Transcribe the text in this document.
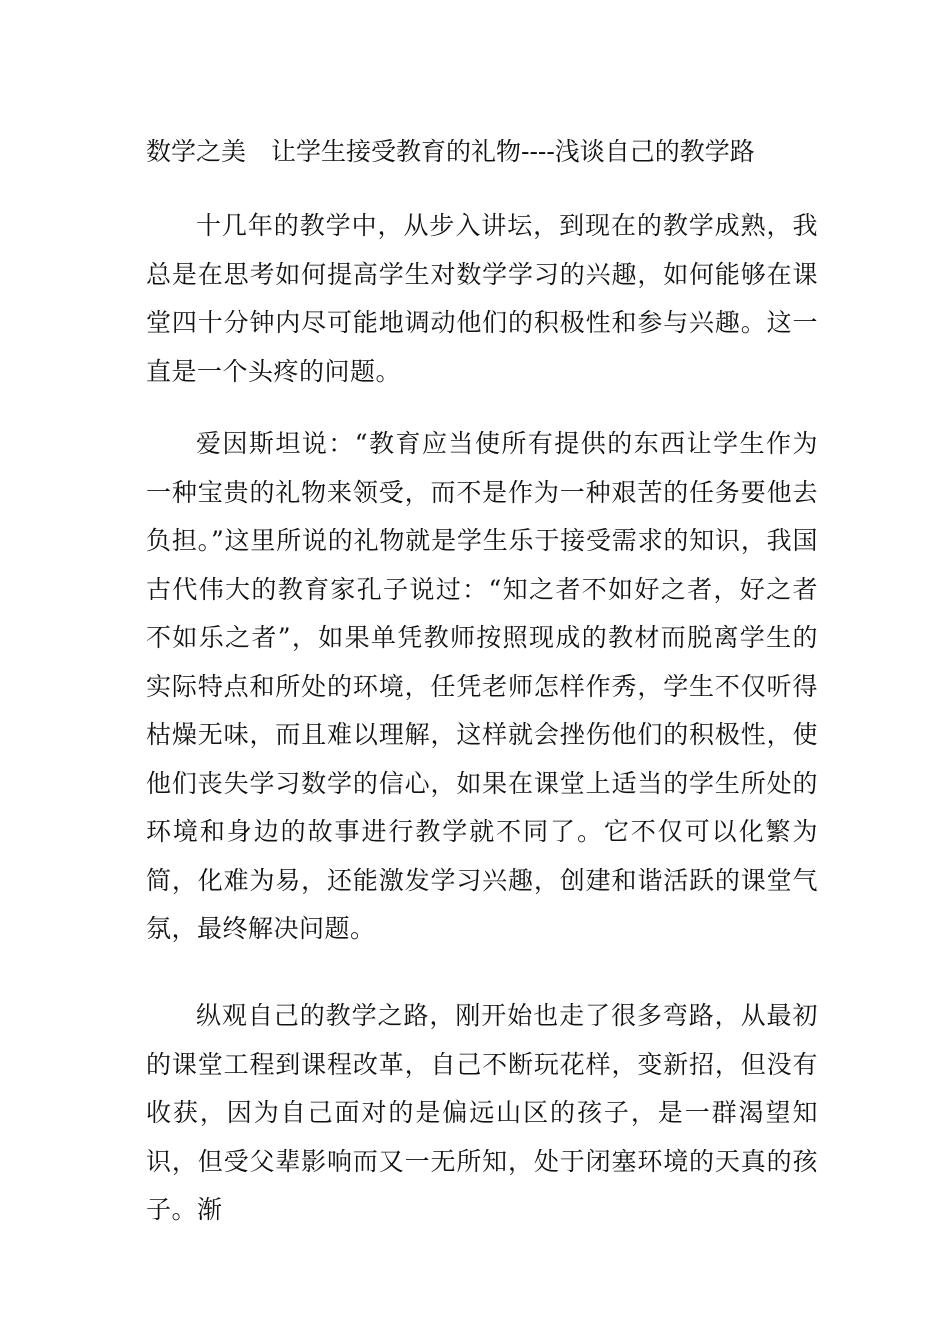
数学之美　让学生接受教育的礼物----浅谈自己的教学路

十几年的教学中，从步入讲坛，到现在的教学成熟，我总是在思考如何提高学生对数学学习的兴趣，如何能够在课堂四十分钟内尽可能地调动他们的积极性和参与兴趣。这一直是一个头疼的问题。

爱因斯坦说：“教育应当使所有提供的东西让学生作为一种宝贵的礼物来领受，而不是作为一种艰苦的任务要他去负担。”这里所说的礼物就是学生乐于接受需求的知识，我国古代伟大的教育家孔子说过：“知之者不如好之者，好之者不如乐之者”，如果单凭教师按照现成的教材而脱离学生的实际特点和所处的环境，任凭老师怎样作秀，学生不仅听得枯燥无味，而且难以理解，这样就会挫伤他们的积极性，使他们丧失学习数学的信心，如果在课堂上适当的学生所处的环境和身边的故事进行教学就不同了。它不仅可以化繁为简，化难为易，还能激发学习兴趣，创建和谐活跃的课堂气氛，最终解决问题。

纵观自己的教学之路，刚开始也走了很多弯路，从最初的课堂工程到课程改革，自己不断玩花样，变新招，但没有收获，因为自己面对的是偏远山区的孩子，是一群渴望知识，但受父辈影响而又一无所知，处于闭塞环境的天真的孩子。渐
